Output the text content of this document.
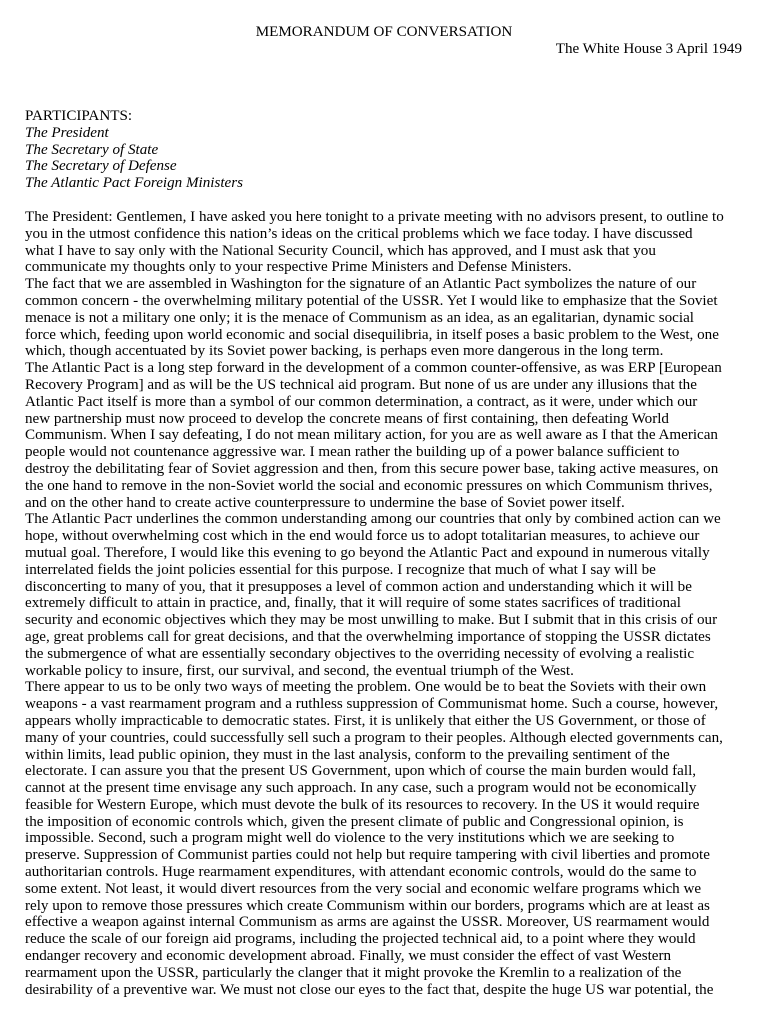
MEMORANDUM OF CONVERSATION

The White House 3 April 1949

PARTICIPANTS:
The President
The Secretary of State
The Secretary of Defense
The Atlantic Pact Foreign Ministers
The President: Gentlemen, I have asked you here tonight to a private meeting with no advisors present, to outline to
you in the utmost confidence this nation’s ideas on the critical problems which we face today. I have discussed
what I have to say only with the National Security Council, which has approved, and I must ask that you
communicate my thoughts only to your respective Prime Ministers and Defense Ministers.
The fact that we are assembled in Washington for the signature of an Atlantic Pact symbolizes the nature of our
common concern - the overwhelming military potential of the USSR. Yet I would like to emphasize that the Soviet
menace is not a military one only; it is the menace of Communism as an idea, as an egalitarian, dynamic social
force which, feeding upon world economic and social disequilibria, in itself poses a basic problem to the West, one
which, though accentuated by its Soviet power backing, is perhaps even more dangerous in the long term.
The Atlantic Pact is a long step forward in the development of a common counter-offensive, as was ERP [European
Recovery Program] and as will be the US technical aid program. But none of us are under any illusions that the
Atlantic Pact itself is more than a symbol of our common determination, a contract, as it were, under which our
new partnership must now proceed to develop the concrete means of first containing, then defeating World
Communism. When I say defeating, I do not mean military action, for you are as well aware as I that the American
people would not countenance aggressive war. I mean rather the building up of a power balance sufficient to
destroy the debilitating fear of Soviet aggression and then, from this secure power base, taking active measures, on
the one hand to remove in the non-Soviet world the social and economic pressures on which Communism thrives,
and on the other hand to create active counterpressure to undermine the base of Soviet power itself.
The Atlantic Pacт underlines the common understanding among our countries that only by combined action can we
hope, without overwhelming cost which in the end would force us to adopt totalitarian measures, to achieve our
mutual goal. Therefore, I would like this evening to go beyond the Atlantic Pact and expound in numerous vitally
interrelated fields the joint policies essential for this purpose. I recognize that much of what I say will be
disconcerting to many of you, that it presupposes a level of common action and understanding which it will be
extremely difficult to attain in practice, and, finally, that it will require of some states sacrifices of traditional
security and economic objectives which they may be most unwilling to make. But I submit that in this crisis of our
age, great problems call for great decisions, and that the overwhelming importance of stopping the USSR dictates
the submergence of what are essentially secondary objectives to the overriding necessity of evolving a realistic
workable policy to insure, first, our survival, and second, the eventual triumph of the West.
There appear to us to be only two ways of meeting the problem. One would be to beat the Soviets with their own
weapons - a vast rearmament program and a ruthless suppression of Communismat home. Such a course, however,
appears wholly impracticable to democratic states. First, it is unlikely that either the US Government, or those of
many of your countries, could successfully sell such a program to their peoples. Although elected governments can,
within limits, lead public opinion, they must in the last analysis, conform to the prevailing sentiment of the
electorate. I can assure you that the present US Government, upon which of course the main burden would fall,
cannot at the present time envisage any such approach. In any case, such a program would not be economically
feasible for Western Europe, which must devote the bulk of its resources to recovery. In the US it would require
the imposition of economic controls which, given the present climate of public and Congressional opinion, is
impossible. Second, such a program might well do violence to the very institutions which we are seeking to
preserve. Suppression of Communist parties could not help but require tampering with civil liberties and promote
authoritarian controls. Huge rearmament expenditures, with attendant economic controls, would do the same to
some extent. Not least, it would divert resources from the very social and economic welfare programs which we
rely upon to remove those pressures which create Communism within our borders, programs which are at least as
effective a weapon against internal Communism as arms are against the USSR. Moreover, US rearmament would
reduce the scale of our foreign aid programs, including the projected technical aid, to a point where they would
endanger recovery and economic development abroad. Finally, we must consider the effect of vast Western
rearmament upon the USSR, particularly the clanger that it might provoke the Kremlin to a realization of the
desirability of a preventive war. We must not close our eyes to the fact that, despite the huge US war potential, the
